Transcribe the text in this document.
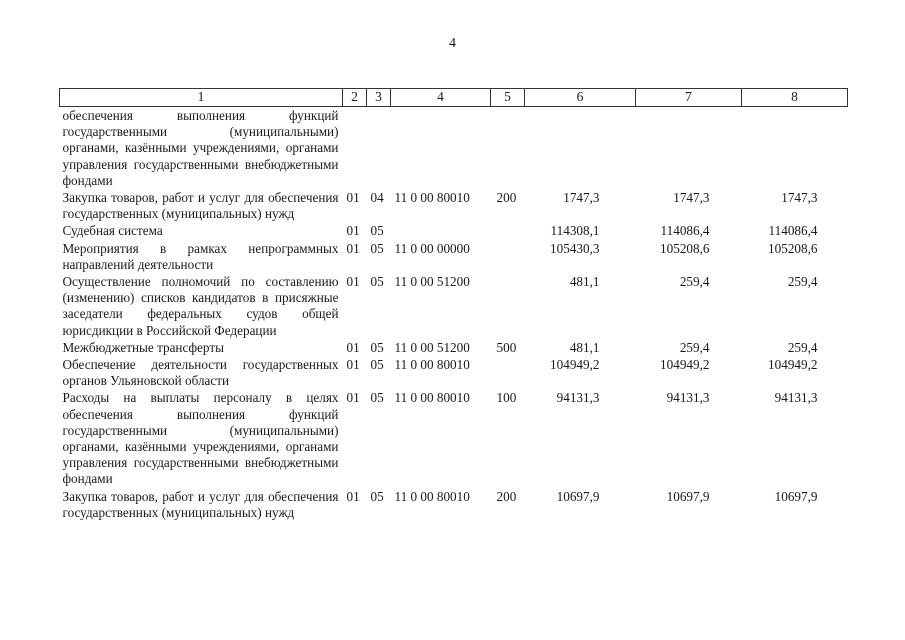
4
1	2	3	4	5	6	7	8
обеспечения выполнения функций государственными (муниципальными) органами, казёнными учреждениями, органами управления государственными внебюджетными фондами							
Закупка товаров, работ и услуг для обеспечения государственных (муниципальных) нужд	01	04	11 0 00 80010	200	1747,3	1747,3	1747,3
Судебная система	01	05			114308,1	114086,4	114086,4
Мероприятия в рамках непрограммных направлений деятельности	01	05	11 0 00 00000		105430,3	105208,6	105208,6
Осуществление полномочий по составлению (изменению) списков кандидатов в присяжные заседатели федеральных судов общей юрисдикции в Российской Федерации	01	05	11 0 00 51200		481,1	259,4	259,4
Межбюджетные трансферты	01	05	11 0 00 51200	500	481,1	259,4	259,4
Обеспечение деятельности государственных органов Ульяновской области	01	05	11 0 00 80010		104949,2	104949,2	104949,2
Расходы на выплаты персоналу в целях обеспечения выполнения функций государственными (муниципальными) органами, казёнными учреждениями, органами управления государственными внебюджетными фондами	01	05	11 0 00 80010	100	94131,3	94131,3	94131,3
Закупка товаров, работ и услуг для обеспечения государственных (муниципальных) нужд	01	05	11 0 00 80010	200	10697,9	10697,9	10697,9
